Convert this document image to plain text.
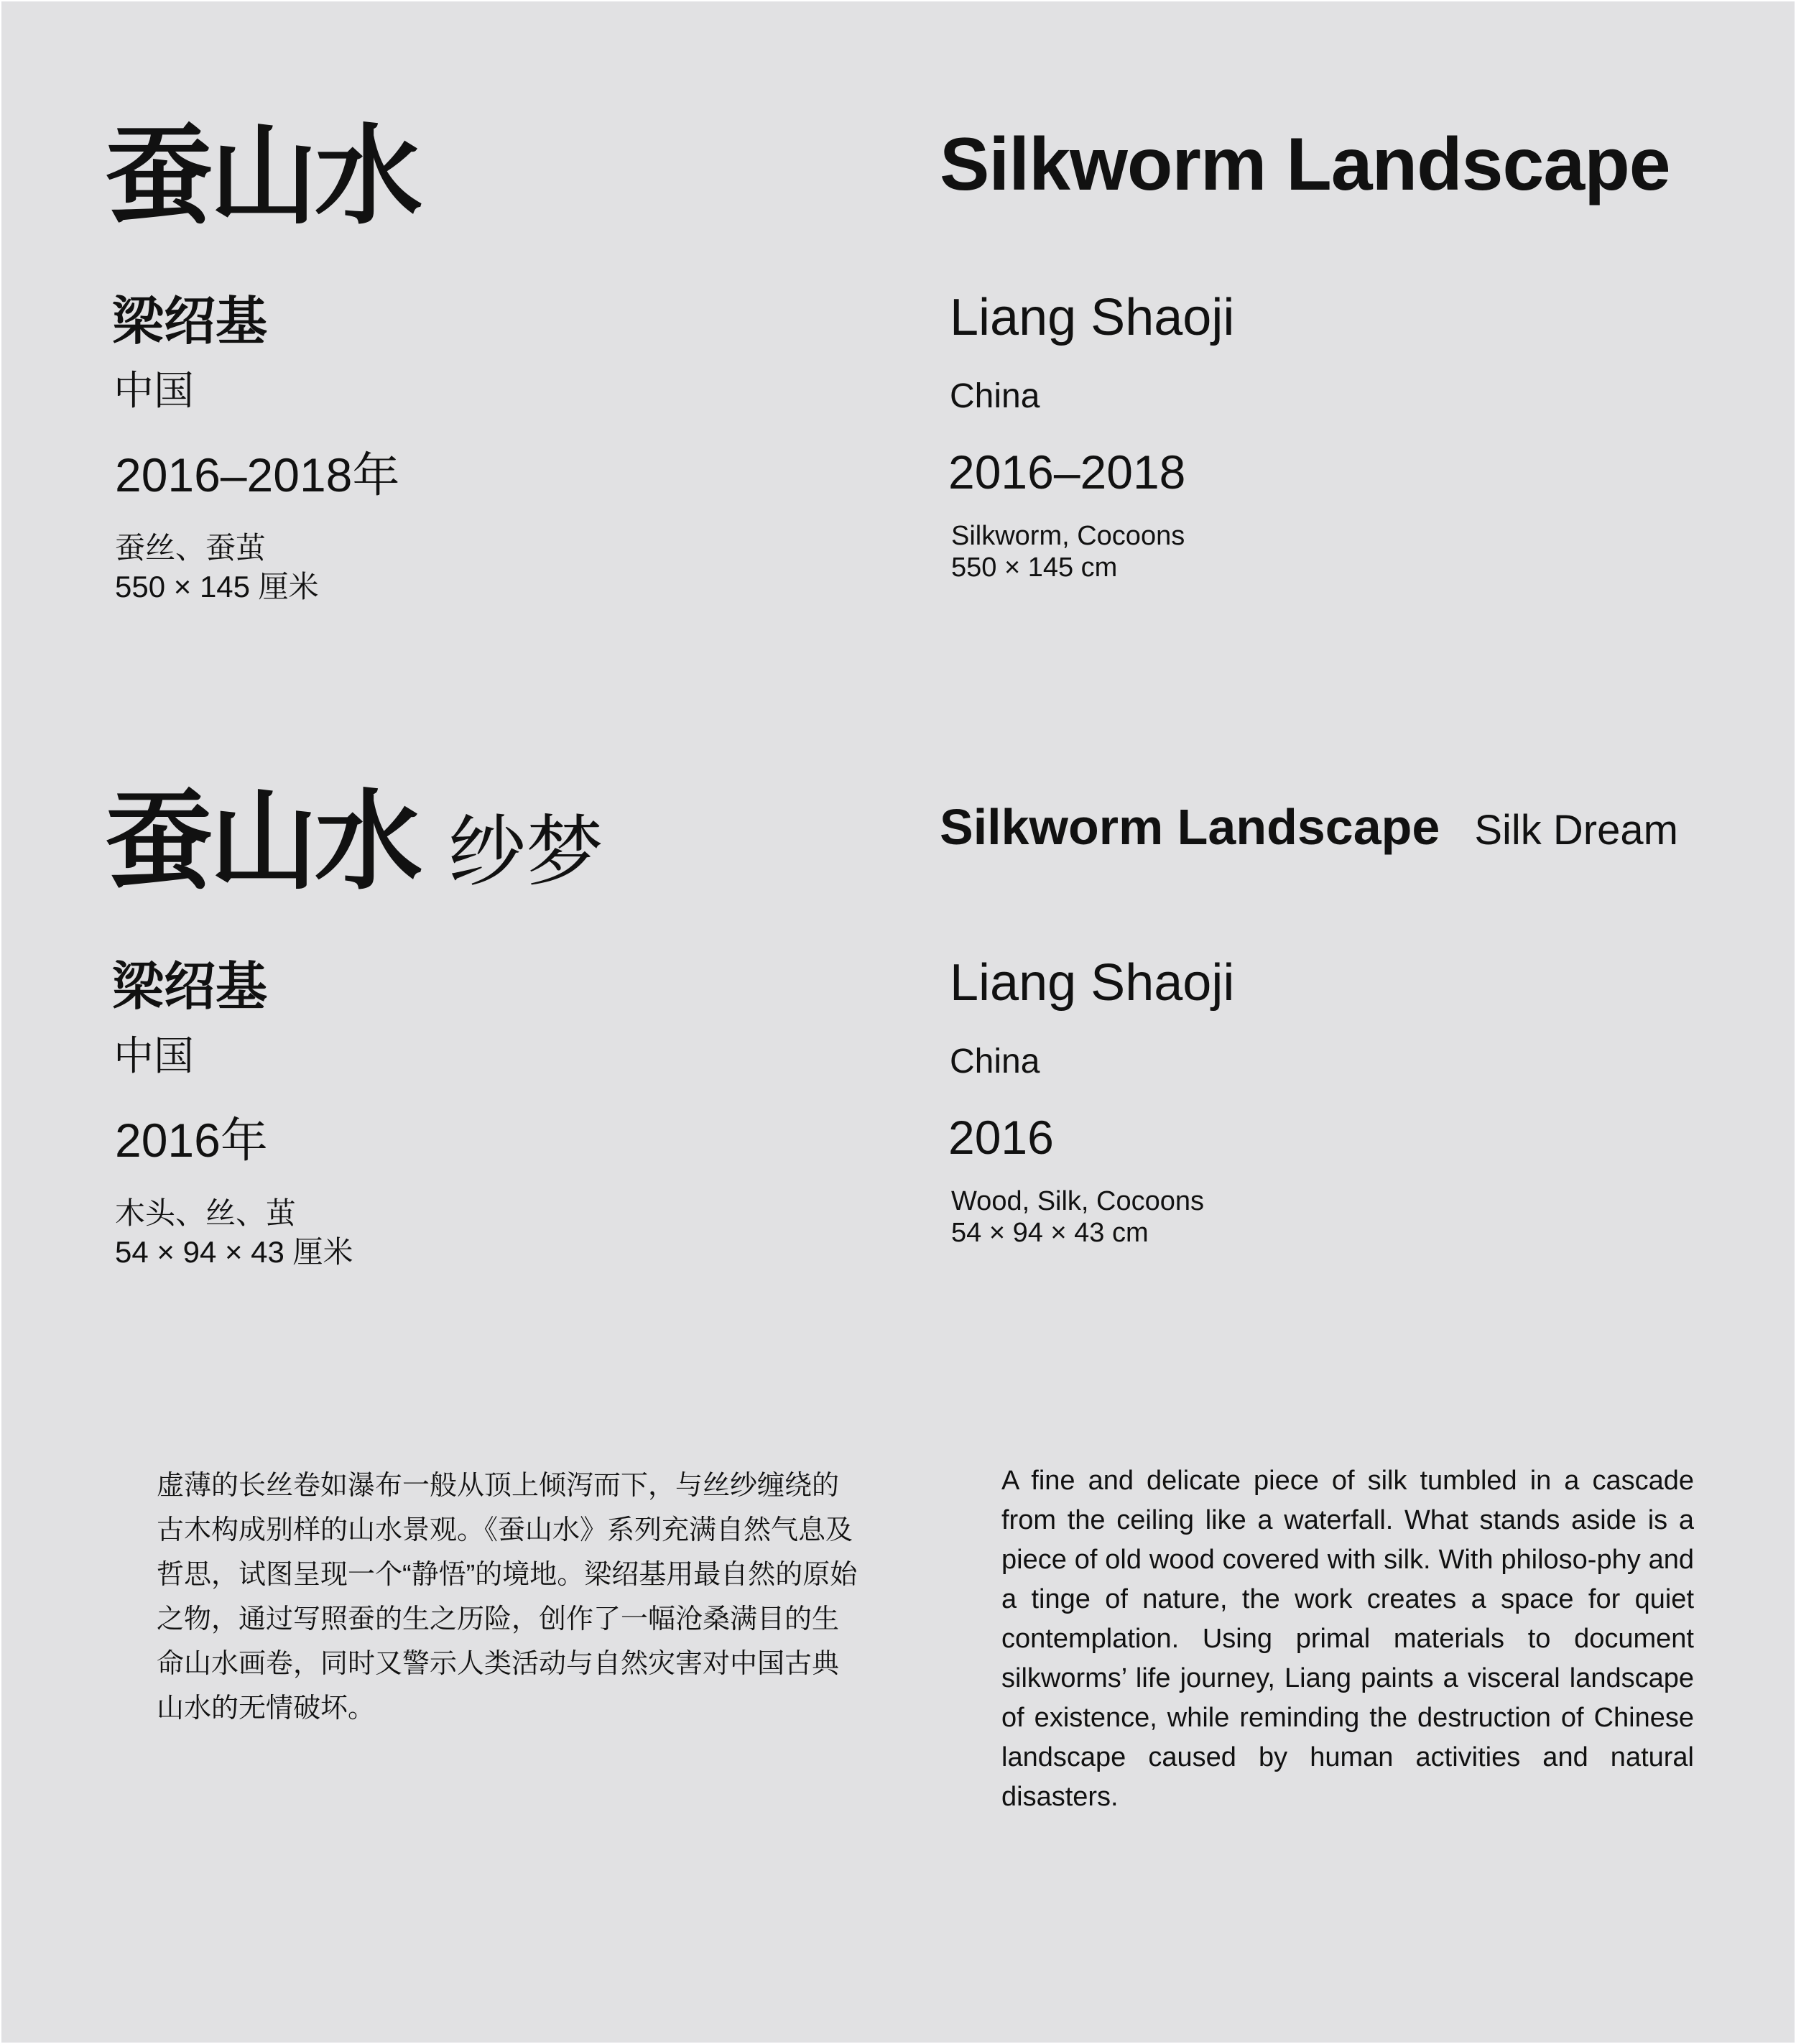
蚕山水
梁绍基
中国
2016–2018年
蚕丝、蚕茧
550 × 145 厘米
Silkworm Landscape
Liang Shaoji
China
2016–2018
Silkworm, Cocoons
550 × 145 cm
蚕山水 纱梦
梁绍基
中国
2016年
木头、丝、茧
54 × 94 × 43 厘米
Silkworm Landscape Silk Dream
Liang Shaoji
China
2016
Wood, Silk, Cocoons
54 × 94 × 43 cm

虚薄的长丝卷如瀑布一般从顶上倾泻而下，与丝纱缠绕的古木构成别样的山水景观。《蚕山水》系列充满自然气息及哲思，试图呈现一个“静悟”的境地。梁绍基用最自然的原始之物，通过写照蚕的生之历险，创作了一幅沧桑满目的生命山水画卷，同时又警示人类活动与自然灾害对中国古典山水的无情破坏。

A fine and delicate piece of silk tumbled in a cascade from the ceiling like a waterfall. What stands aside is a piece of old wood covered with silk. With philoso-phy and a tinge of nature, the work creates a space for quiet contemplation. Using primal materials to document silkworms’ life journey, Liang paints a visceral landscape of existence, while reminding the destruction of Chinese landscape caused by human activities and natural disasters.
